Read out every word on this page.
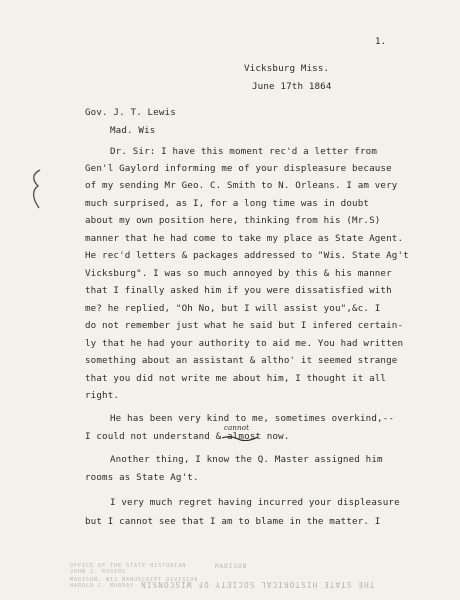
1.
Vicksburg Miss.
June 17th 1864
Gov. J. T. Lewis
Mad. Wis
Dr. Sir: I have this moment rec'd a letter from
Gen'l Gaylord informing me of your displeasure because
of my sending Mr Geo. C. Smith to N. Orleans. I am very
much surprised, as I, for a long time was in doubt
about my own position here, thinking from his (Mr.S)
manner that he had come to take my place as State Agent.
He rec'd letters & packages addressed to "Wis. State Ag't
Vicksburg". I was so much annoyed by this & his manner
that I finally asked him if you were dissatisfied with
me? he replied, "Oh No, but I will assist you",&c. I
do not remember just what he said but I infered certain-
ly that he had your authority to aid me. You had written
something about an assistant & altho' it seemed strange
that you did not write me about him, I thought it all
right.
He has been very kind to me, sometimes overkind,--
I could not understand & almost now.
Another thing, I know the Q. Master assigned him
rooms as State Ag't.
I very much regret having incurred your displeasure
but I cannot see that I am to blame in the matter. I
cannot
OFFICE OF THE STATE HISTORIAN
JOHN J. ROGERS
MADISON, WIS MANUSCRIPT DIVISION
HAROLD C. MURRAY
MADISON
THE STATE HISTORICAL SOCIETY OF WISCONSIN
